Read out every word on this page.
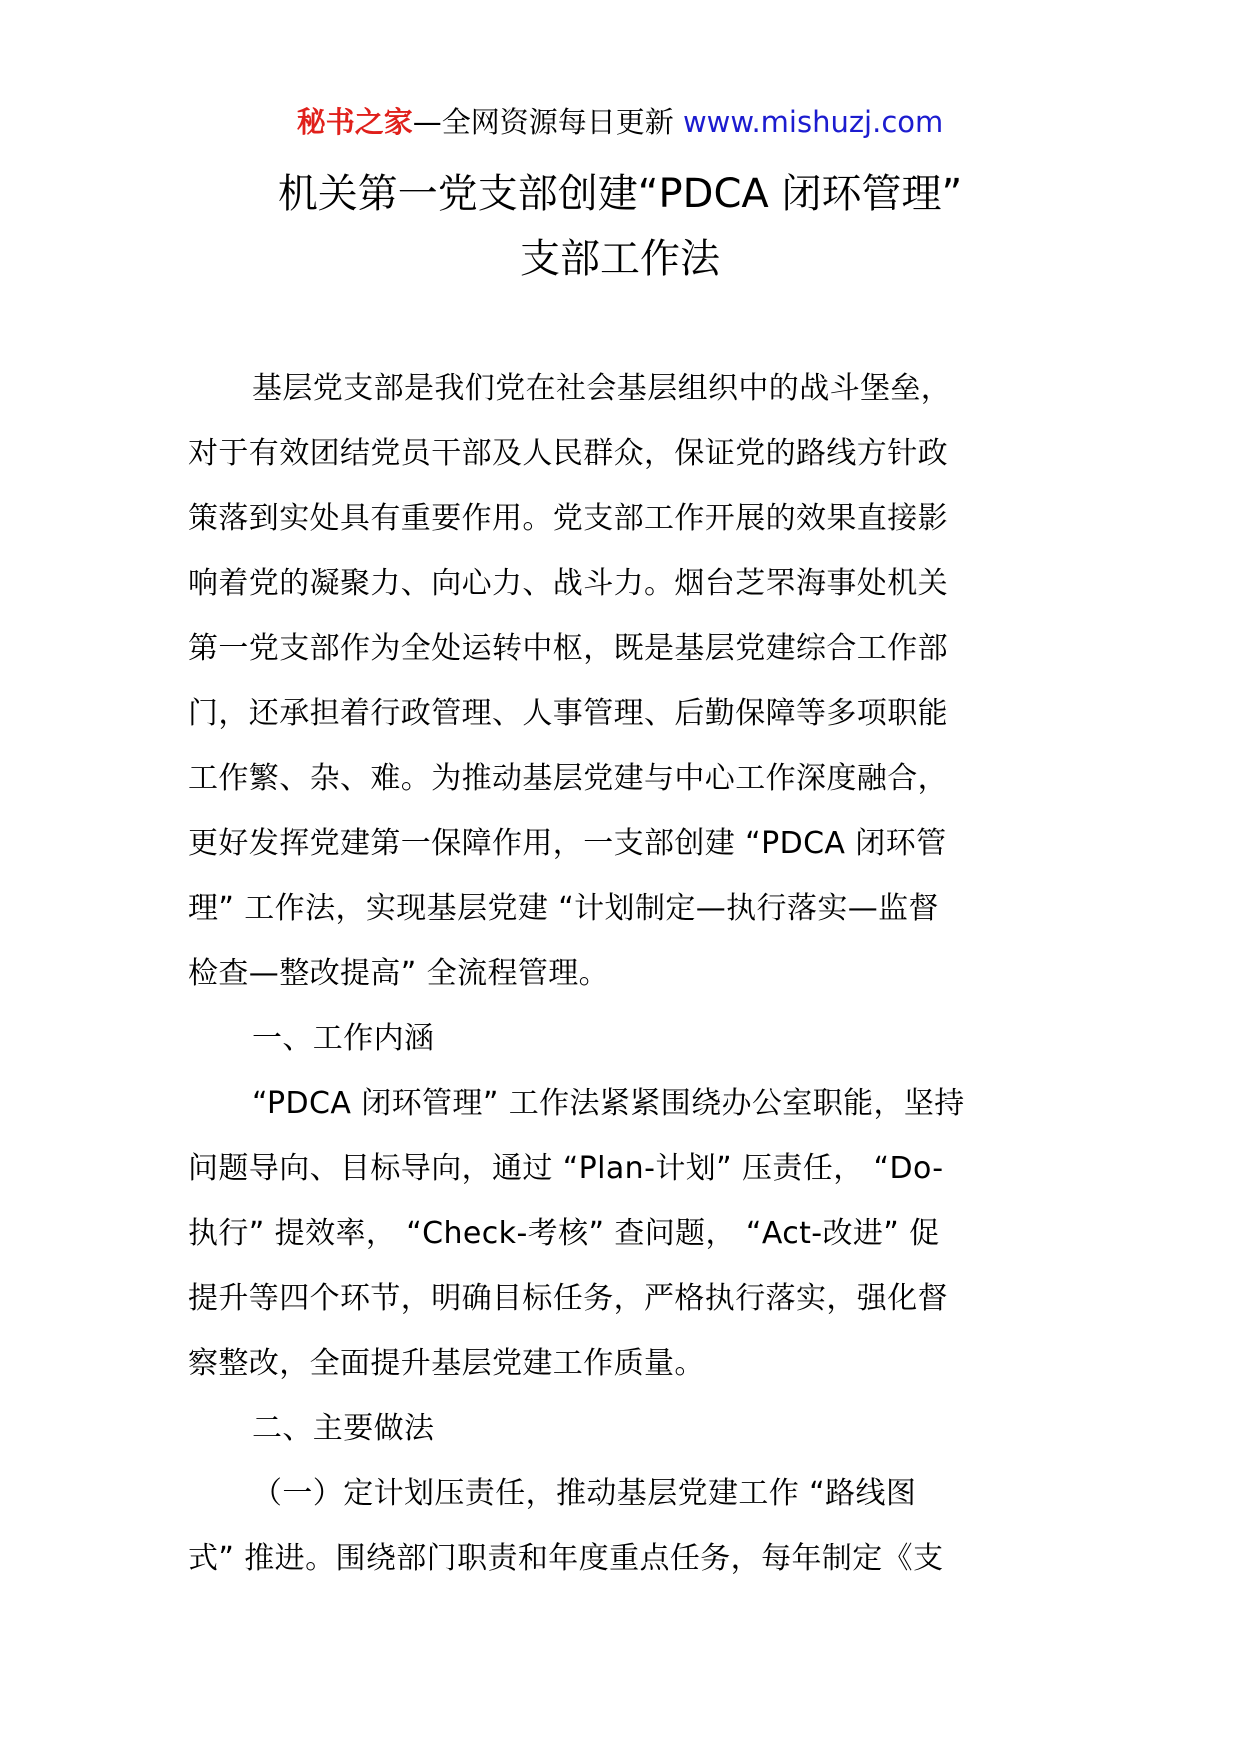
秘书之家—全网资源每日更新 www.mishuzj.com
机关第一党支部创建“PDCA 闭环管理”
支部工作法
基层党支部是我们党在社会基层组织中的战斗堡垒，
对于有效团结党员干部及人民群众，保证党的路线方针政
策落到实处具有重要作用。党支部工作开展的效果直接影
响着党的凝聚力、向心力、战斗力。烟台芝罘海事处机关
第一党支部作为全处运转中枢，既是基层党建综合工作部
门，还承担着行政管理、人事管理、后勤保障等多项职能
工作繁、杂、难。为推动基层党建与中心工作深度融合，
更好发挥党建第一保障作用，一支部创建 “PDCA 闭环管
理” 工作法，实现基层党建 “计划制定—执行落实—监督
检查—整改提高” 全流程管理。
一、工作内涵
“PDCA 闭环管理” 工作法紧紧围绕办公室职能，坚持
问题导向、目标导向，通过 “Plan-计划” 压责任， “Do-
执行” 提效率， “Check-考核” 查问题， “Act-改进” 促
提升等四个环节，明确目标任务，严格执行落实，强化督
察整改，全面提升基层党建工作质量。
二、主要做法
（一）定计划压责任，推动基层党建工作 “路线图
式” 推进。围绕部门职责和年度重点任务，每年制定《支
